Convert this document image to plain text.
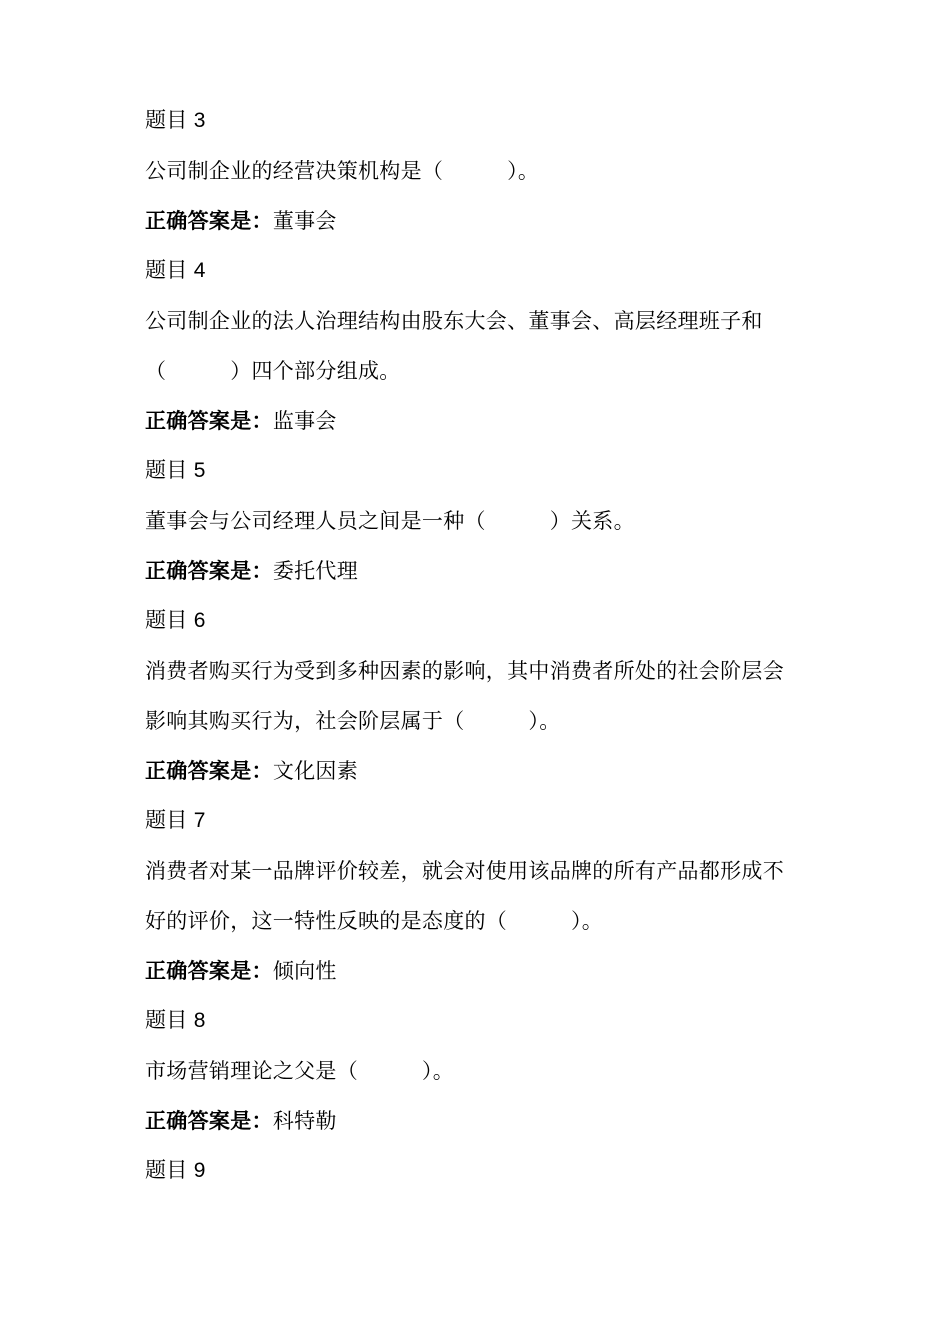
题目 3
公司制企业的经营决策机构是（　　　）。
正确答案是：董事会
题目 4
公司制企业的法人治理结构由股东大会、董事会、高层经理班子和
（　　　）四个部分组成。
正确答案是：监事会
题目 5
董事会与公司经理人员之间是一种（　　　）关系。
正确答案是：委托代理
题目 6
消费者购买行为受到多种因素的影响，其中消费者所处的社会阶层会
影响其购买行为，社会阶层属于（　　　）。
正确答案是：文化因素
题目 7
消费者对某一品牌评价较差，就会对使用该品牌的所有产品都形成不
好的评价，这一特性反映的是态度的（　　　）。
正确答案是：倾向性
题目 8
市场营销理论之父是（　　　）。
正确答案是：科特勒
题目 9
